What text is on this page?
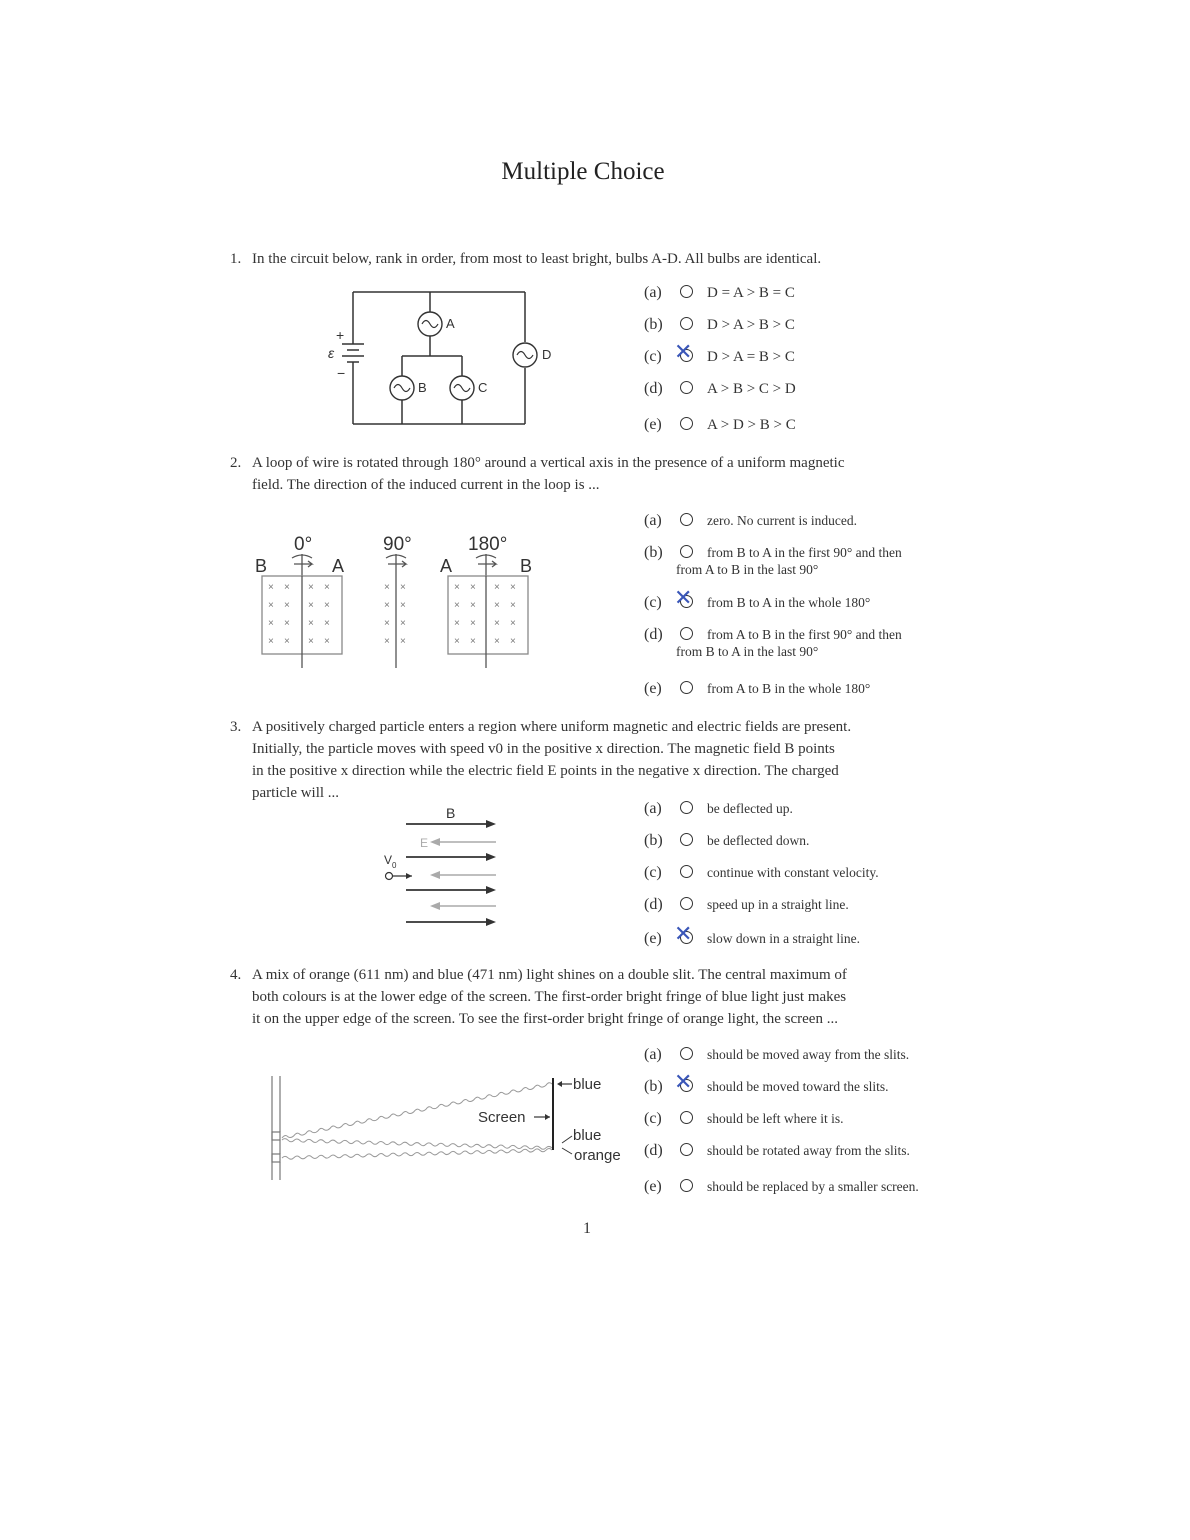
Multiple Choice
1. In the circuit below, rank in order, from most to least bright, bulbs A-D. All bulbs are identical.
A
B	C
D
+
ε
−
(a)	D = A > B = C
(b)	D > A > B > C
(c) ✕	D > A = B > C
(d)	A > B > C > D
(e)	A > D > B > C
2. A loop of wire is rotated through 180° around a vertical axis in the presence of a uniform magnetic
field. The direction of the induced current in the loop is ...
0°
B	A
90°	180°
A	B
× × × ×	× × × ×
× ×
× × × ×	× × × ×
× ×
× × × ×	× × × ×
× ×
× × × ×	× × × ×
× ×
(a)	zero. No current is induced.
(b)	from B to A in the first 90° and then
from A to B in the last 90°
(c) ✕	from B to A in the whole 180°
(d)	from A to B in the first 90° and then
from B to A in the last 90°
(e)	from A to B in the whole 180°
3. A positively charged particle enters a region where uniform magnetic and electric fields are present.
Initially, the particle moves with speed v0 in the positive x direction. The magnetic field B points
in the positive x direction while the electric field E points in the negative x direction. The charged
particle will ...
B
E
V 0
(a)	be deflected up.
(b)	be deflected down.
(c)	continue with constant velocity.
(d)	speed up in a straight line.
(e) ✕	slow down in a straight line.
4. A mix of orange (611 nm) and blue (471 nm) light shines on a double slit. The central maximum of
both colours is at the lower edge of the screen. The first-order bright fringe of blue light just makes
it on the upper edge of the screen. To see the first-order bright fringe of orange light, the screen ...
Screen
blue
blue
orange
(a)	should be moved away from the slits.
(b) ✕	should be moved toward the slits.
(c)	should be left where it is.
(d)	should be rotated away from the slits.
(e)	should be replaced by a smaller screen.
1
